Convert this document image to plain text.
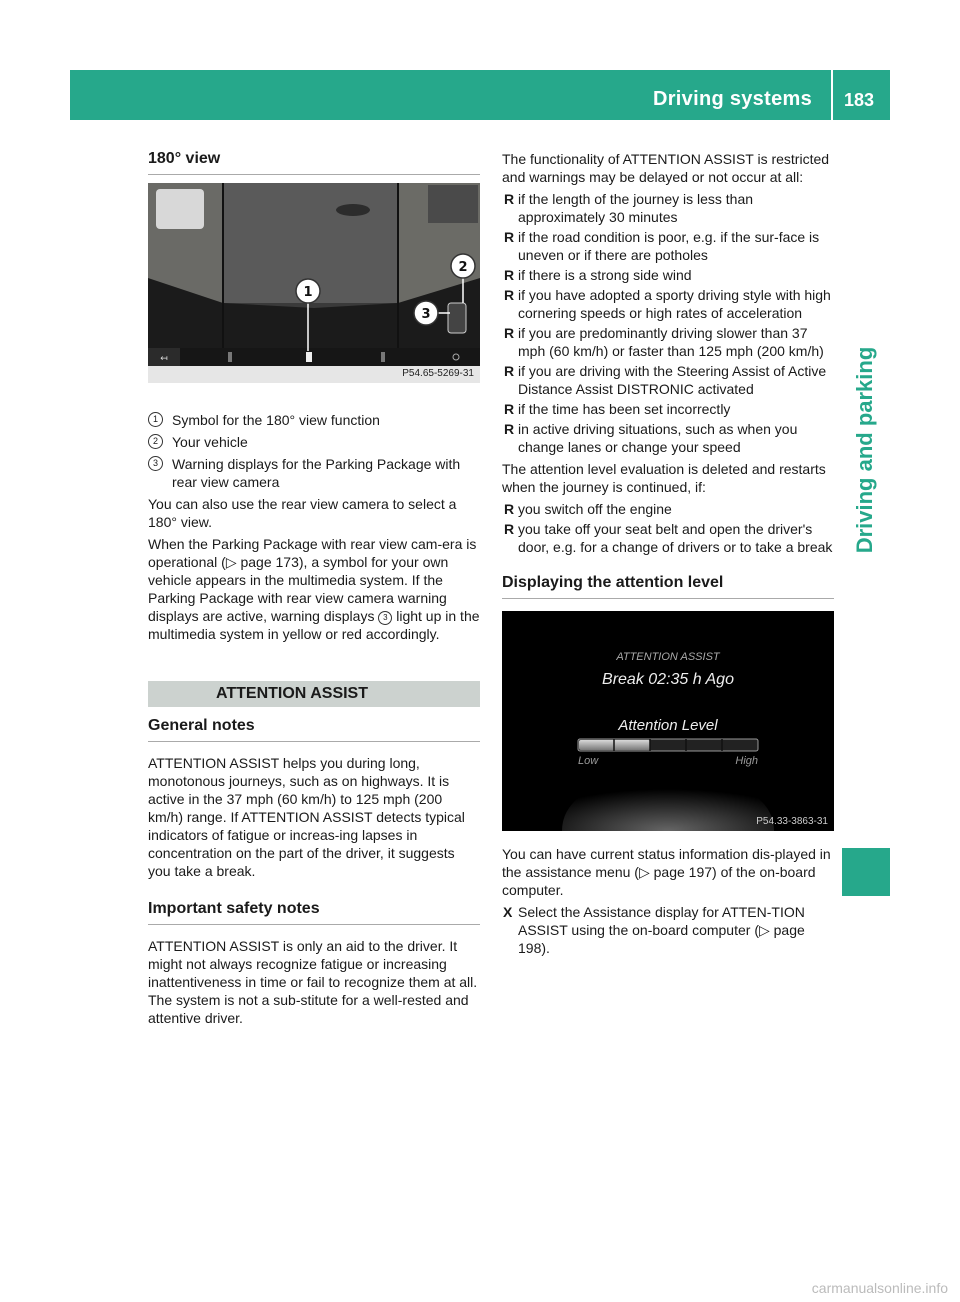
Driving systems 183
Driving and parking
180° view
↤
1
2
3
P54.65-5269-31
1	Symbol for the 180° view function
2	Your vehicle
3	Warning displays for the Parking Package with rear view camera

You can also use the rear view camera to select a 180° view.

When the Parking Package with rear view cam-era is operational (▷ page 173), a symbol for your own vehicle appears in the multimedia system. If the Parking Package with rear view camera warning displays are active, warning displays 3 light up in the multimedia system in yellow or red accordingly.

ATTENTION ASSIST
General notes

ATTENTION ASSIST helps you during long, monotonous journeys, such as on highways. It is active in the 37 mph (60 km/h) to 125 mph (200 km/h) range. If ATTENTION ASSIST detects typical indicators of fatigue or increas-ing lapses in concentration on the part of the driver, it suggests you take a break.

Important safety notes

ATTENTION ASSIST is only an aid to the driver. It might not always recognize fatigue or increasing inattentiveness in time or fail to recognize them at all. The system is not a sub-stitute for a well-rested and attentive driver.

The functionality of ATTENTION ASSIST is restricted and warnings may be delayed or not occur at all:

R if the length of the journey is less than approximately 30 minutes
R if the road condition is poor, e.g. if the sur-face is uneven or if there are potholes
R if there is a strong side wind
R if you have adopted a sporty driving style with high cornering speeds or high rates of acceleration
R if you are predominantly driving slower than 37 mph (60 km/h) or faster than 125 mph (200 km/h)
R if you are driving with the Steering Assist of Active Distance Assist DISTRONIC activated
R if the time has been set incorrectly
R in active driving situations, such as when you change lanes or change your speed

The attention level evaluation is deleted and restarts when the journey is continued, if:

R you switch off the engine
R you take off your seat belt and open the driver's door, e.g. for a change of drivers or to take a break
Displaying the attention level
ATTENTION ASSIST
Break 02:35 h Ago
Attention Level
Low	High
P54.33-3863-31

You can have current status information dis-played in the assistance menu (▷ page 197) of the on-board computer.

X Select the Assistance display for ATTEN-TION ASSIST using the on-board computer (▷ page 198).
carmanualsonline.info
